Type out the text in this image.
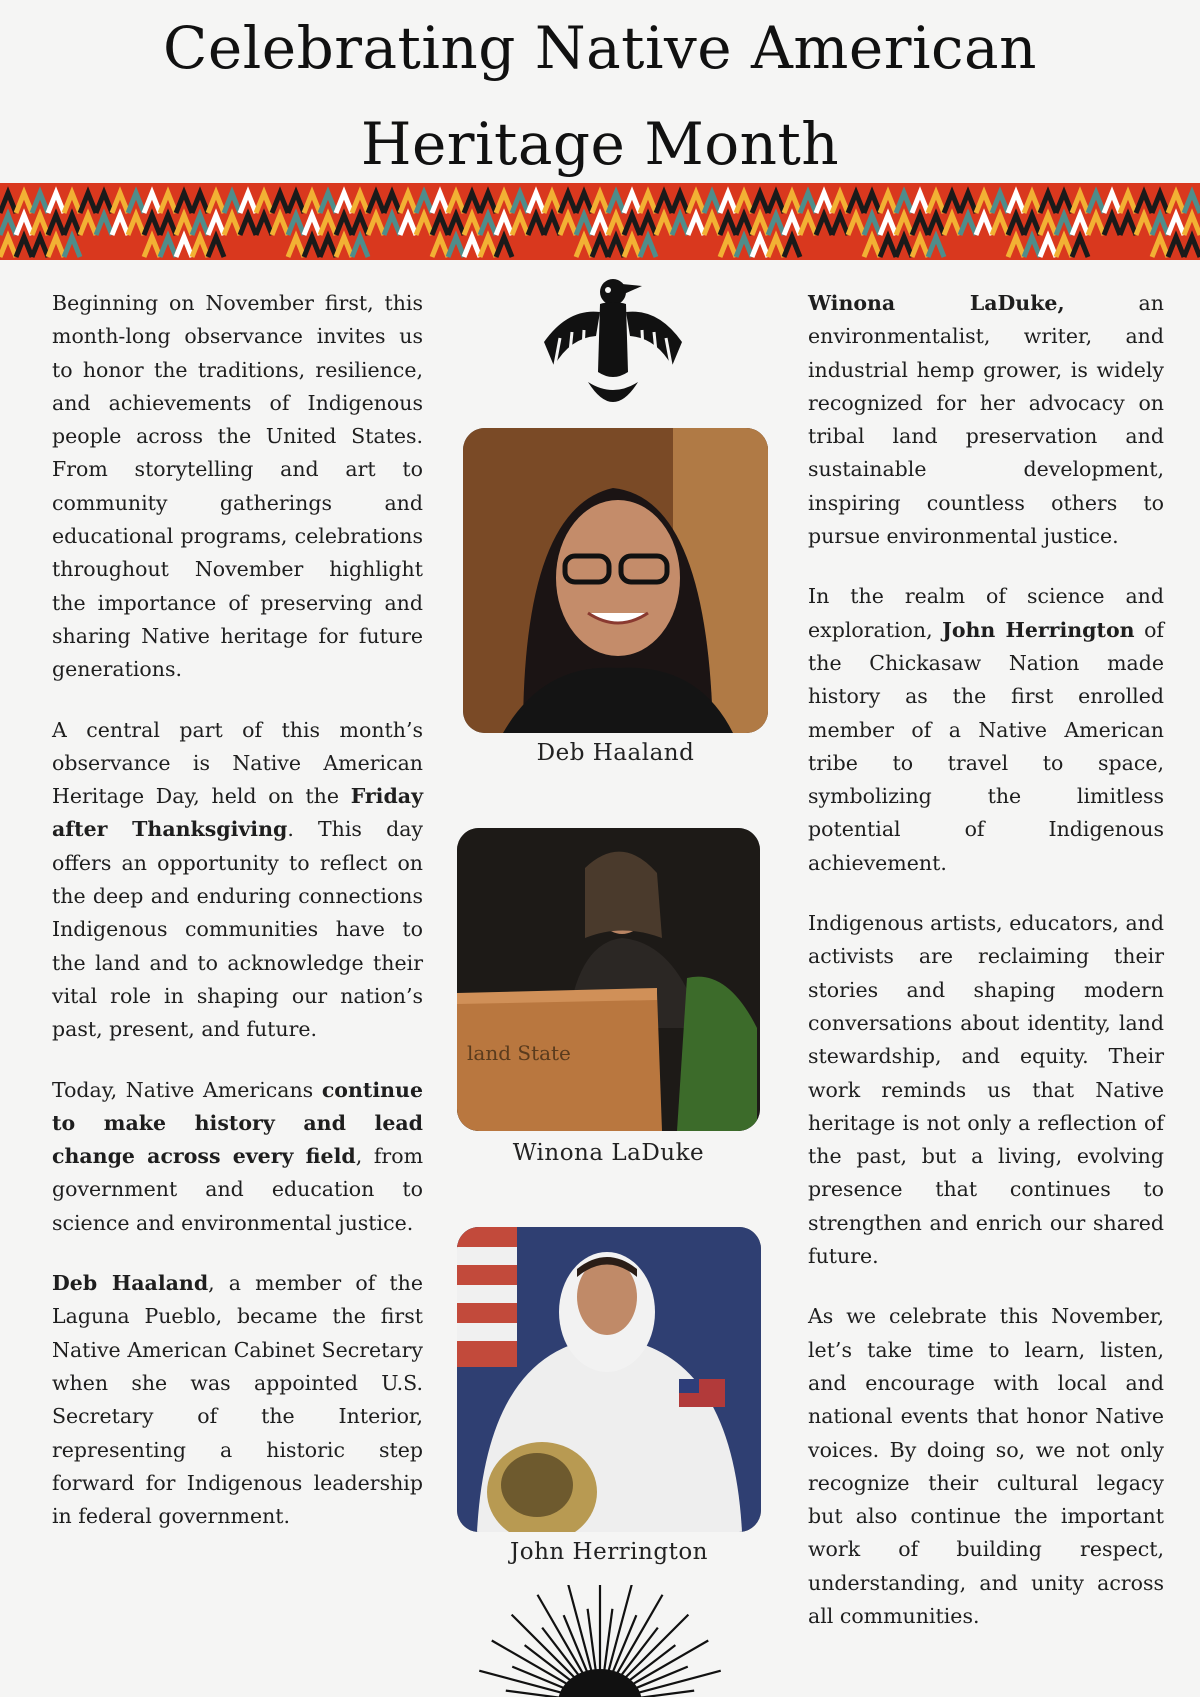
Celebrating Native American
Heritage Month

Beginning on November first, this month-long observance invites us to honor the traditions, resilience, and achievements of Indigenous people across the United States. From storytelling and art to community gatherings and educational programs, celebrations throughout November highlight the importance of preserving and sharing Native heritage for future generations.

A central part of this month’s observance is Native American Heritage Day, held on the Friday after Thanksgiving. This day offers an opportunity to reflect on the deep and enduring connections Indigenous communities have to the land and to acknowledge their vital role in shaping our nation’s past, present, and future.

Today, Native Americans continue to make history and lead change across every field, from government and education to science and environmental justice.

Deb Haaland, a member of the Laguna Pueblo, became the first Native American Cabinet Secretary when she was appointed U.S. Secretary of the Interior, representing a historic step forward for Indigenous leadership in federal government.

Deb Haaland
land State
Winona LaDuke
John Herrington

Winona LaDuke, an environmentalist, writer, and industrial hemp grower, is widely recognized for her advocacy on tribal land preservation and sustainable development, inspiring countless others to pursue environmental justice.

In the realm of science and exploration, John Herrington of the Chickasaw Nation made history as the first enrolled member of a Native American tribe to travel to space, symbolizing the limitless potential of Indigenous achievement.

Indigenous artists, educators, and activists are reclaiming their stories and shaping modern conversations about identity, land stewardship, and equity. Their work reminds us that Native heritage is not only a reflection of the past, but a living, evolving presence that continues to strengthen and enrich our shared future.

As we celebrate this November, let’s take time to learn, listen, and encourage with local and national events that honor Native voices. By doing so, we not only recognize their cultural legacy but also continue the important work of building respect, understanding, and unity across all communities.
